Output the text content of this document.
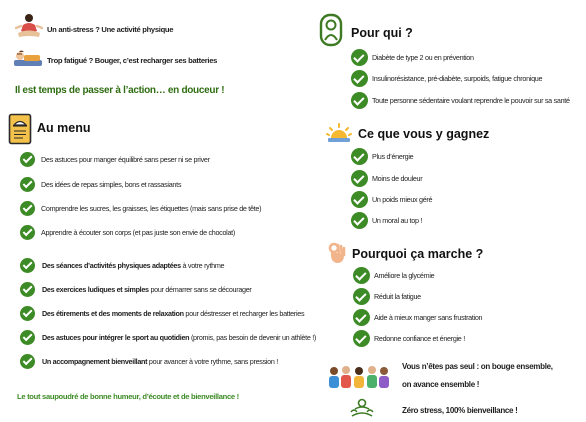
Un anti-stress ? Une activité physique
Trop fatigué ? Bouger, c’est recharger ses batteries
Il est temps de passer à l’action… en douceur !
Au menu
Des astuces pour manger équilibré sans peser ni se priver
Des idées de repas simples, bons et rassasiants
Comprendre les sucres, les graisses, les étiquettes (mais sans prise de tête)
Apprendre à écouter son corps (et pas juste son envie de chocolat)
Des séances d’activités physiques adaptées à votre rythme
Des exercices ludiques et simples pour démarrer sans se décourager
Des étirements et des moments de relaxation pour déstresser et recharger les batteries
Des astuces pour intégrer le sport au quotidien (promis, pas besoin de devenir un athlète !)
Un accompagnement bienveillant pour avancer à votre rythme, sans pression !
Le tout saupoudré de bonne humeur, d’écoute et de bienveillance !
Pour qui ?
Diabète de type 2 ou en prévention
Insulinorésistance, pré-diabète, surpoids, fatigue chronique
Toute personne sédentaire voulant reprendre le pouvoir sur sa santé
Ce que vous y gagnez
Plus d’énergie
Moins de douleur
Un poids mieux géré
Un moral au top !
Pourquoi ça marche ?
Améliore la glycémie
Réduit la fatigue
Aide à mieux manger sans frustration
Redonne confiance et énergie !
Vous n’êtes pas seul : on bouge ensemble,
on avance ensemble !
Zéro stress, 100% bienveillance !
